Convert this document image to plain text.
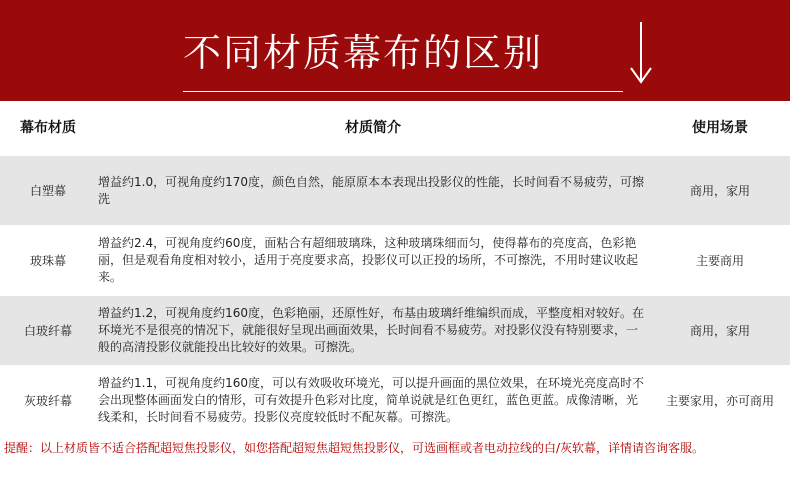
不同材质幕布的区别
幕布材质	材质简介	使用场景
白塑幕
增益约1.0，可视角度约170度，颜色自然，能原原本本表现出投影仪的性能，长时间看不易疲劳，可擦洗
商用，家用
玻珠幕
增益约2.4，可视角度约60度，面粘合有超细玻璃珠，这种玻璃珠细而匀，使得幕布的亮度高，色彩艳丽，但是观看角度相对较小，适用于亮度要求高，投影仪可以正投的场所，不可擦洗，不用时建议收起来。
主要商用
白玻纤幕
增益约1.2，可视角度约160度，色彩艳丽，还原性好，布基由玻璃纤维编织而成，平整度相对较好。在环境光不是很亮的情况下，就能很好呈现出画面效果，长时间看不易疲劳。对投影仪没有特别要求，一般的高清投影仪就能投出比较好的效果。可擦洗。
商用，家用
灰玻纤幕
增益约1.1，可视角度约160度，可以有效吸收环境光，可以提升画面的黑位效果，在环境光亮度高时不会出现整体画面发白的情形，可有效提升色彩对比度，简单说就是红色更红，蓝色更蓝。成像清晰，光线柔和，长时间看不易疲劳。投影仪亮度较低时不配灰幕。可擦洗。
主要家用，亦可商用
提醒：以上材质皆不适合搭配超短焦投影仪，如您搭配超短焦超短焦投影仪，可选画框或者电动拉线的白/灰软幕，详情请咨询客服。
